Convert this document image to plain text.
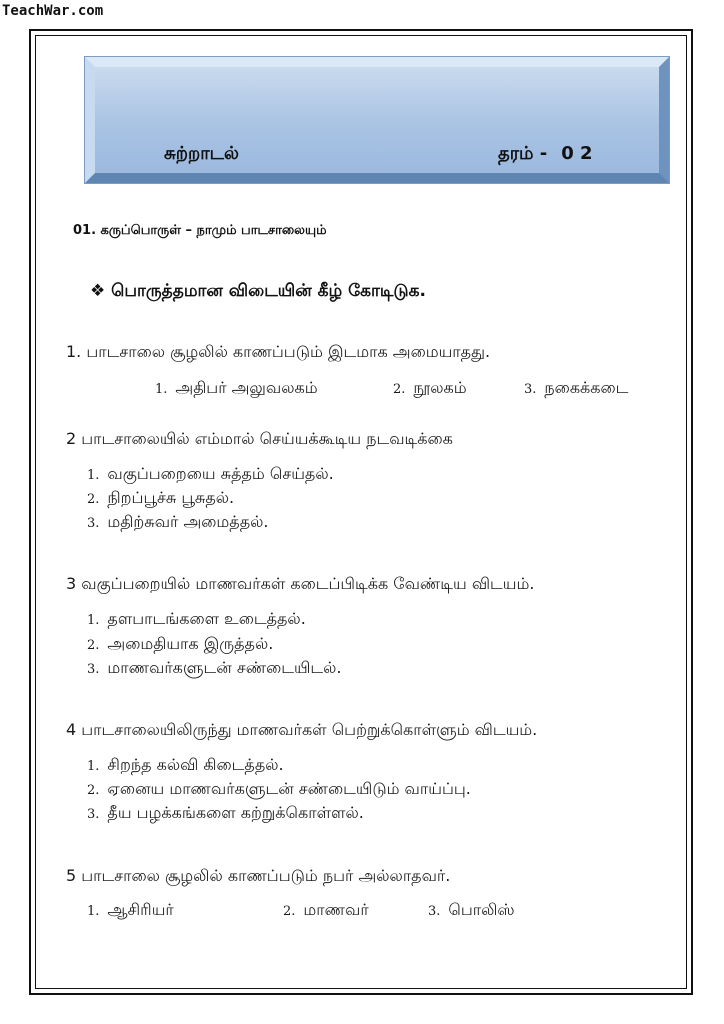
TeachWar.com
சுற்றாடல்	தரம் - 0 2
01. கருப்பொருள் – நாமும் பாடசாலையும்
❖ பொருத்தமான விடையின் கீழ் கோடிடுக.
1. பாடசாலை சூழலில் காணப்படும் இடமாக அமையாதது.
1. அதிபர் அலுவலகம்	2. நூலகம்	3. நகைக்கடை
2 பாடசாலையில் எம்மால் செய்யக்கூடிய நடவடிக்கை
1. வகுப்பறையை சுத்தம் செய்தல்.
2. நிறப்பூச்சு பூசுதல்.
3. மதிற்சுவர் அமைத்தல்.
3 வகுப்பறையில் மாணவர்கள் கடைப்பிடிக்க வேண்டிய விடயம்.
1. தளபாடங்களை உடைத்தல்.
2. அமைதியாக இருத்தல்.
3. மாணவர்களுடன் சண்டையிடல்.
4 பாடசாலையிலிருந்து மாணவர்கள் பெற்றுக்கொள்ளும் விடயம்.
1. சிறந்த கல்வி கிடைத்தல்.
2. ஏனைய மாணவர்களுடன் சண்டையிடும் வாய்ப்பு.
3. தீய பழக்கங்களை கற்றுக்கொள்ளல்.
5 பாடசாலை சூழலில் காணப்படும் நபர் அல்லாதவர்.
1. ஆசிரியர்	2. மாணவர்	3. பொலிஸ்
